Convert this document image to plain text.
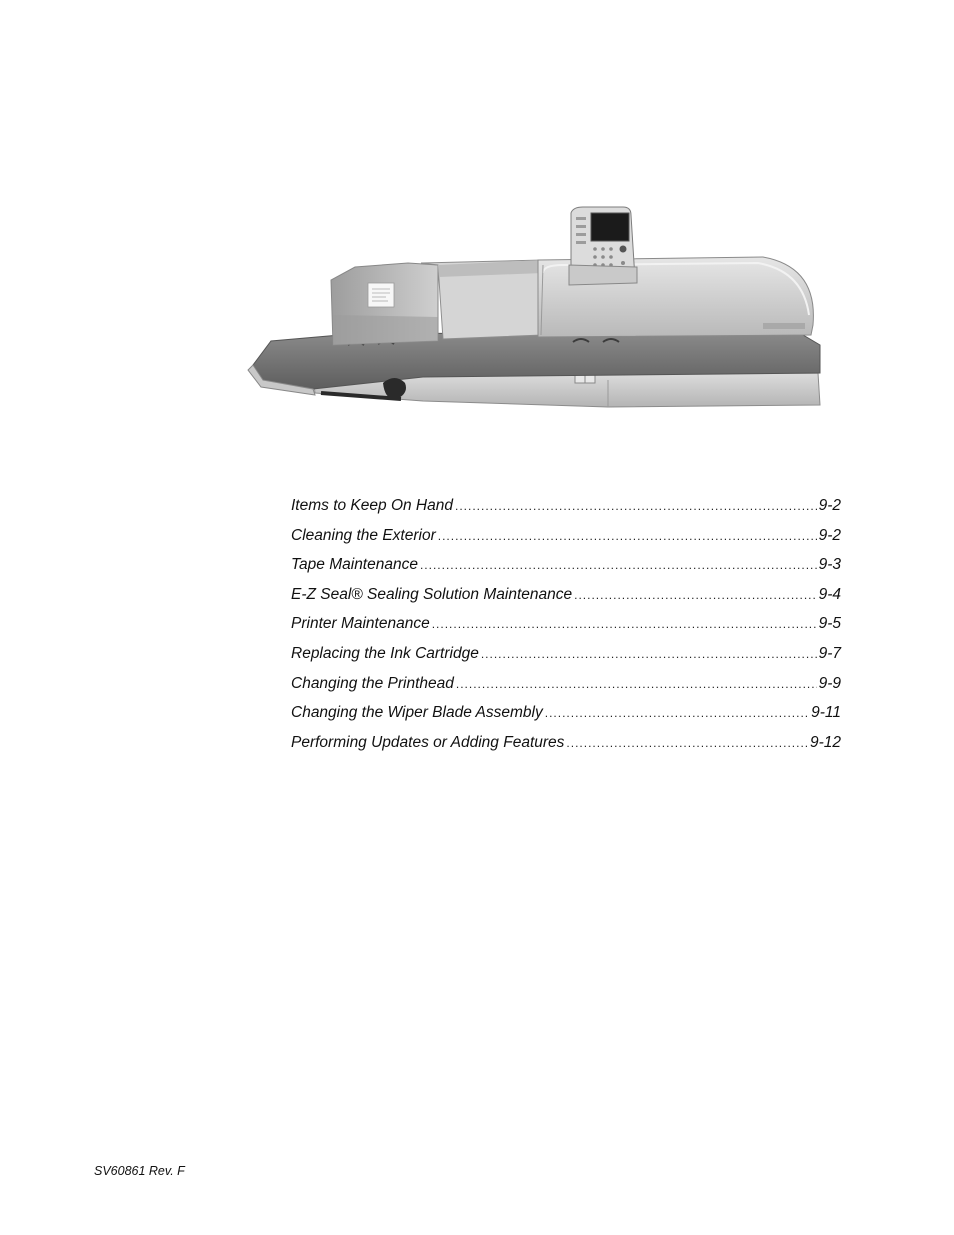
Items to Keep On Hand .....	9-2
Cleaning the Exterior .....	9-2
Tape Maintenance .....	9-3
E-Z Seal® Sealing Solution Maintenance .....	9-4
Printer Maintenance .....	9-5
Replacing the Ink Cartridge .....	9-7
Changing the Printhead .....	9-9
Changing the Wiper Blade Assembly .....	9-11
Performing Updates or Adding Features .....	9-12
SV60861 Rev. F
